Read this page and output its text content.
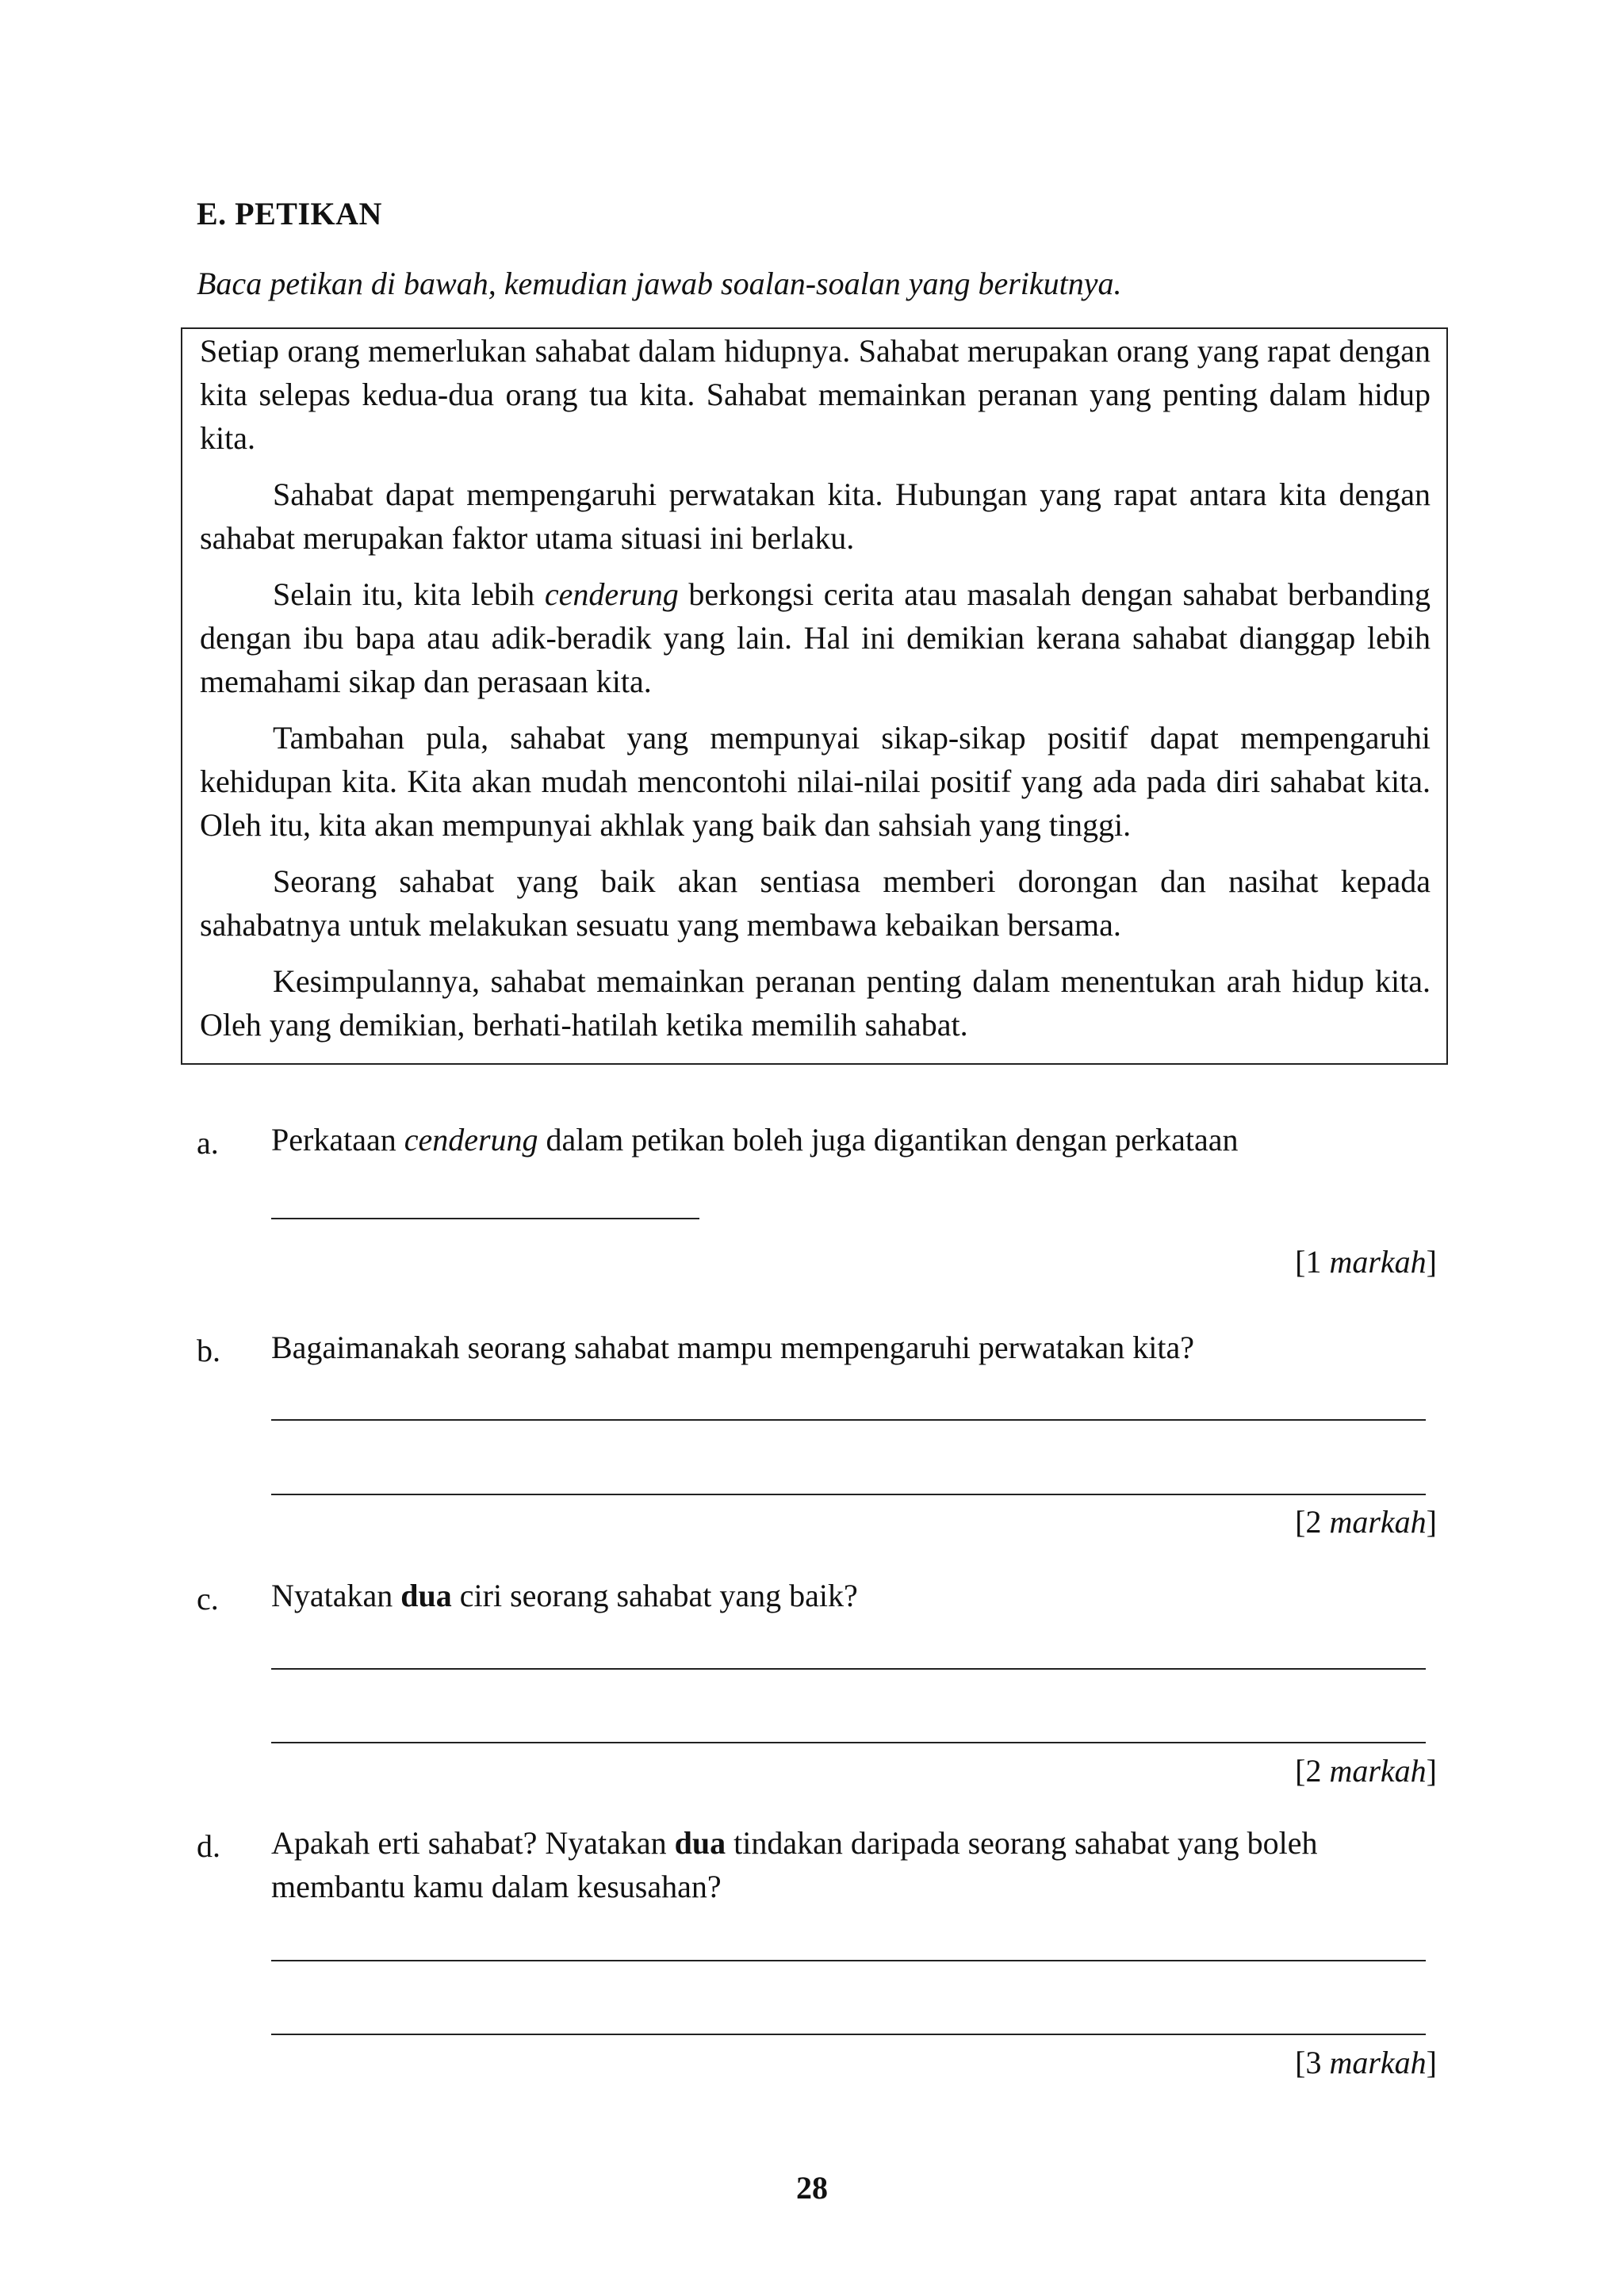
E. PETIKAN
Baca petikan di bawah, kemudian jawab soalan-soalan yang berikutnya.
Setiap orang memerlukan sahabat dalam hidupnya. Sahabat merupakan orang yang rapat dengan kita selepas kedua-dua orang tua kita. Sahabat memainkan peranan yang penting dalam hidup kita.
Sahabat dapat mempengaruhi perwatakan kita. Hubungan yang rapat antara kita dengan sahabat merupakan faktor utama situasi ini berlaku.
Selain itu, kita lebih cenderung berkongsi cerita atau masalah dengan sahabat berbanding dengan ibu bapa atau adik-beradik yang lain. Hal ini demikian kerana sahabat dianggap lebih memahami sikap dan perasaan kita.
Tambahan pula, sahabat yang mempunyai sikap-sikap positif dapat mempengaruhi kehidupan kita. Kita akan mudah mencontohi nilai-nilai positif yang ada pada diri sahabat kita. Oleh itu, kita akan mempunyai akhlak yang baik dan sahsiah yang tinggi.
Seorang sahabat yang baik akan sentiasa memberi dorongan dan nasihat kepada sahabatnya untuk melakukan sesuatu yang membawa kebaikan bersama.
Kesimpulannya, sahabat memainkan peranan penting dalam menentukan arah hidup kita. Oleh yang demikian, berhati-hatilah ketika memilih sahabat.
a. Perkataan cenderung dalam petikan boleh juga digantikan dengan perkataan
[1 markah]
b. Bagaimanakah seorang sahabat mampu mempengaruhi perwatakan kita?
[2 markah]
c. Nyatakan dua ciri seorang sahabat yang baik?
[2 markah]
d. Apakah erti sahabat? Nyatakan dua tindakan daripada seorang sahabat yang boleh membantu kamu dalam kesusahan?
[3 markah]
28
